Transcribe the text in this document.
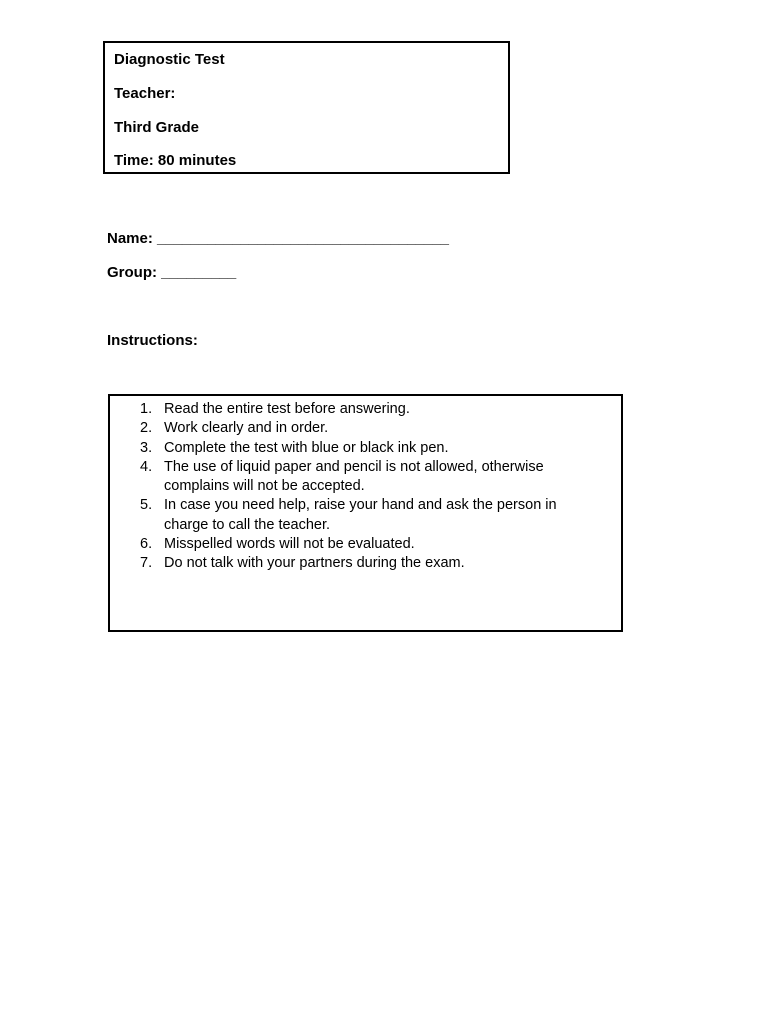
Diagnostic Test
Teacher:
Third Grade
Time: 80 minutes
Name: ___________________________________
Group: _________
Instructions:
1. Read the entire test before answering.
2. Work clearly and in order.
3. Complete the test with blue or black ink pen.
4. The use of liquid paper and pencil is not allowed, otherwise complains will not be accepted.
5. In case you need help, raise your hand and ask the person in charge to call the teacher.
6. Misspelled words will not be evaluated.
7. Do not talk with your partners during the exam.
